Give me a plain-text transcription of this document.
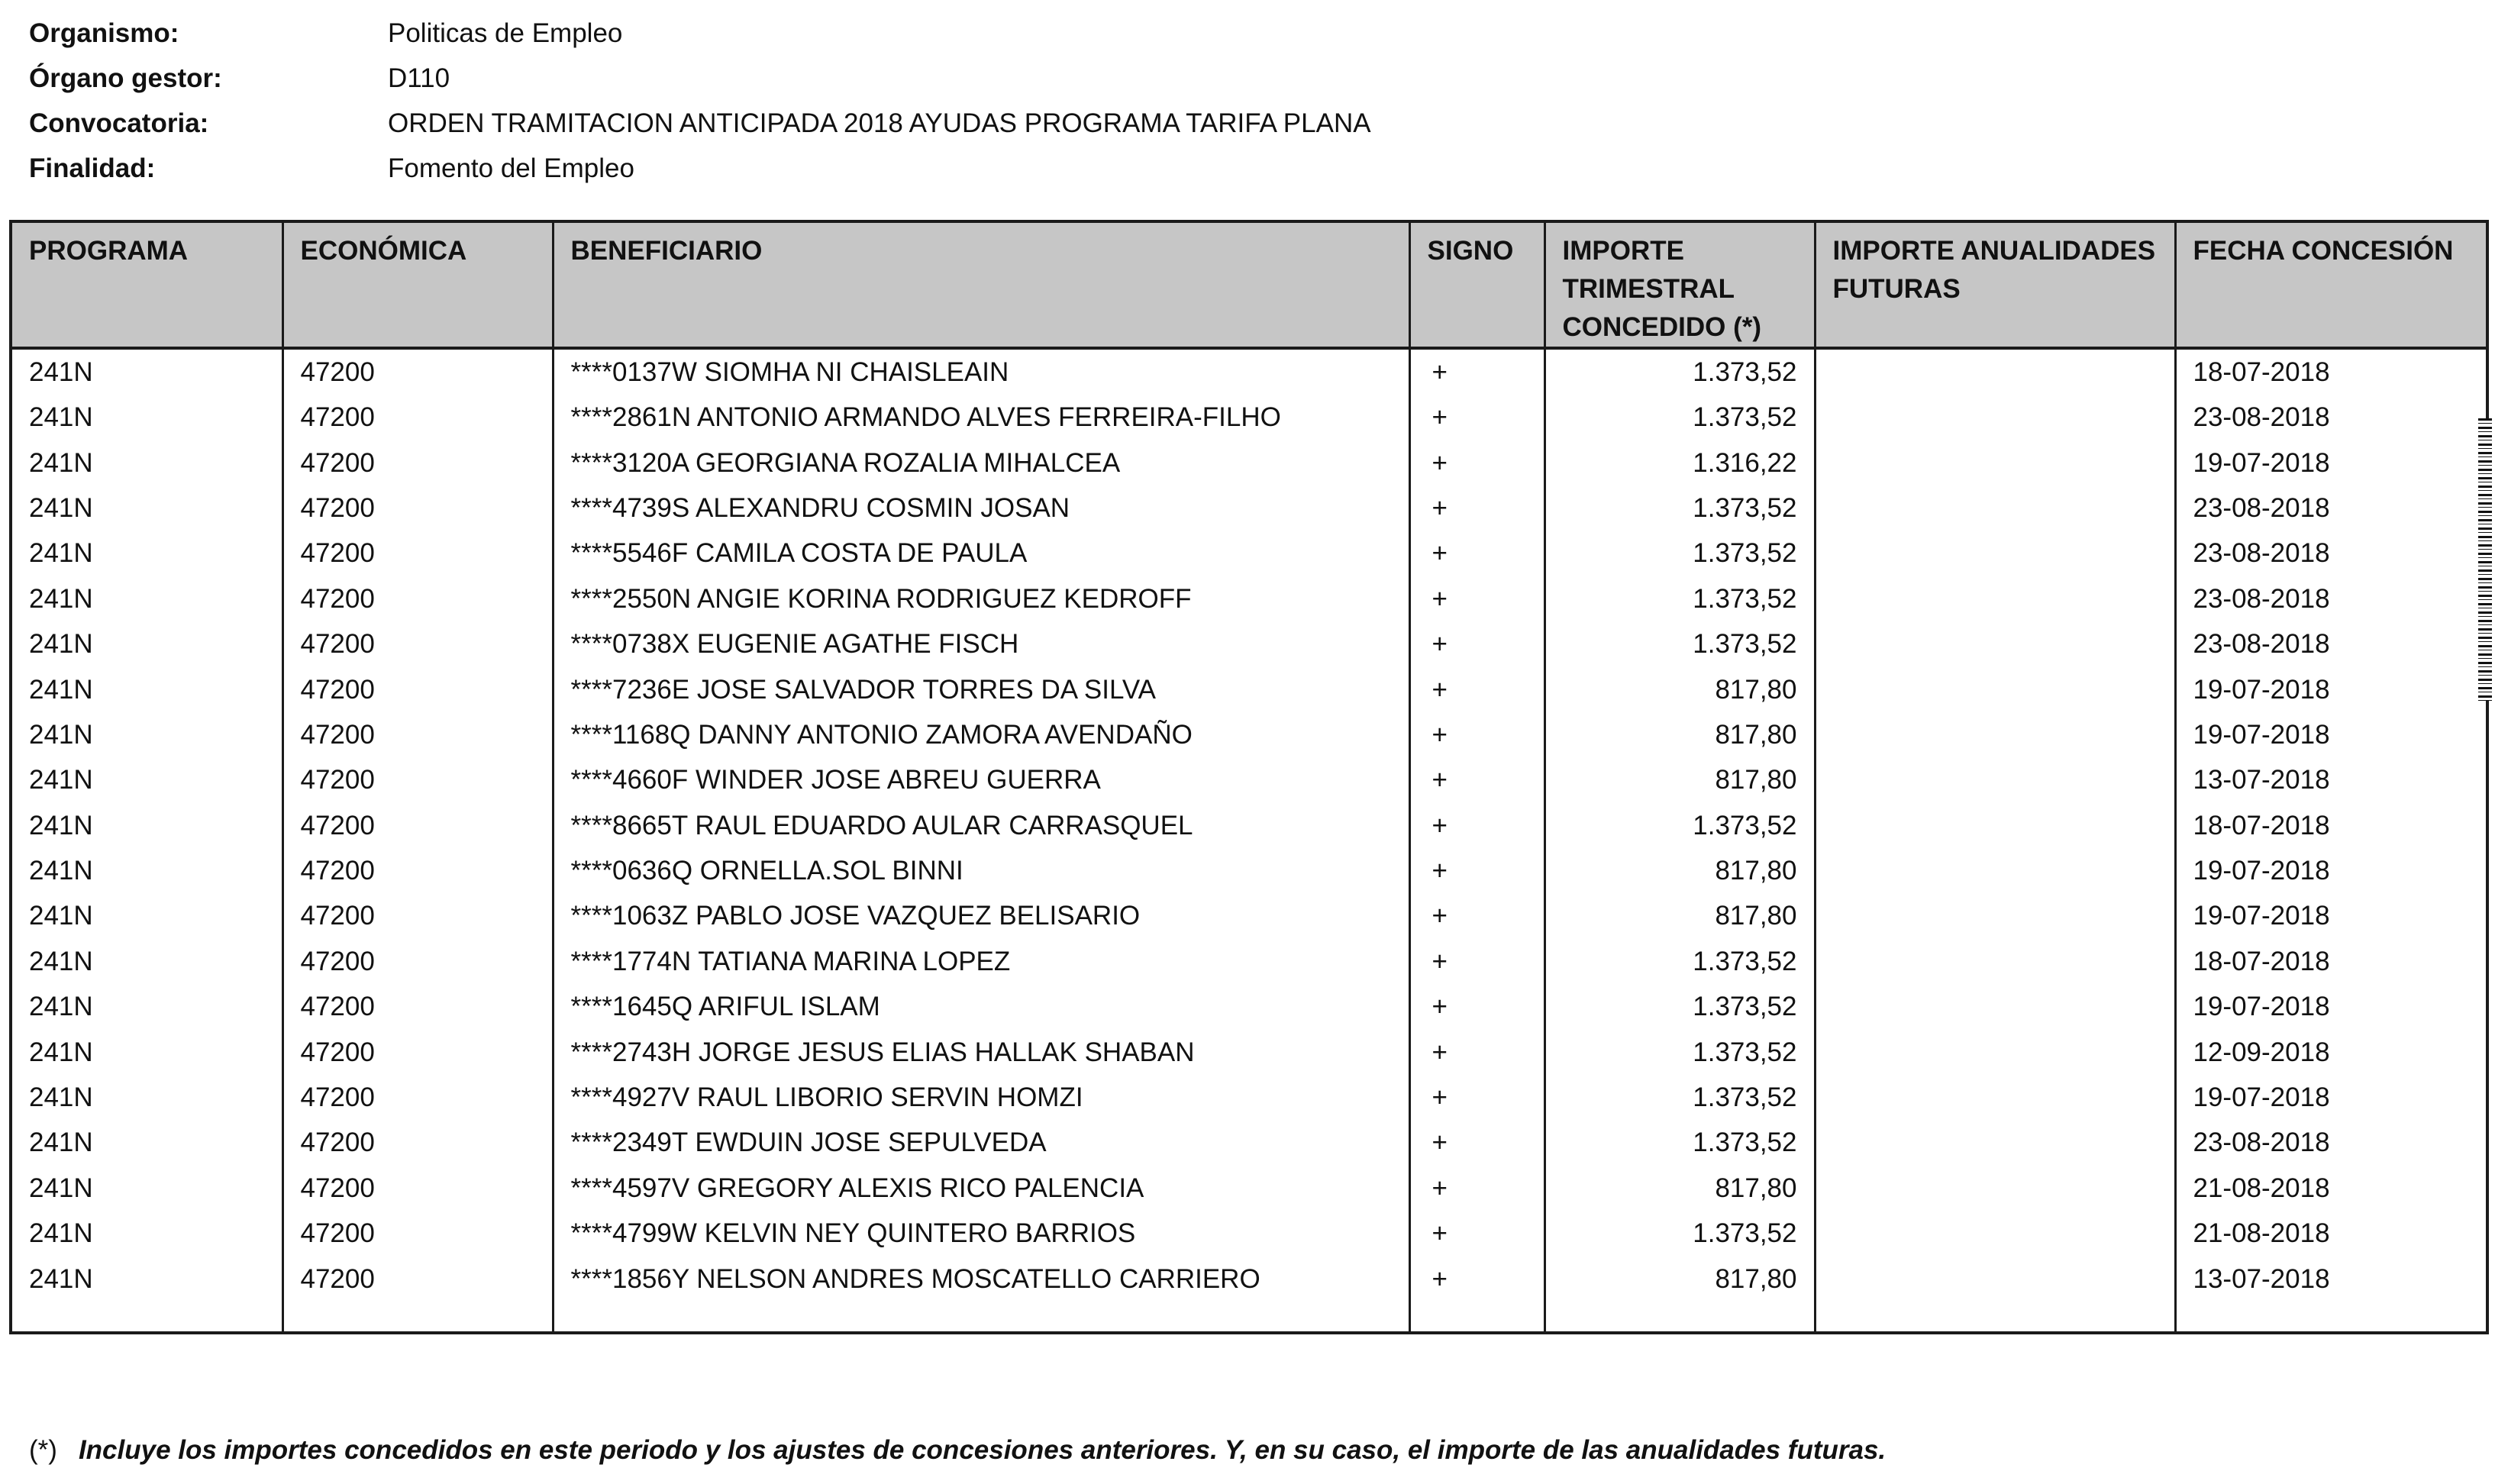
Organismo:	Politicas de Empleo
Órgano gestor:	D110
Convocatoria:	ORDEN TRAMITACION ANTICIPADA 2018 AYUDAS PROGRAMA TARIFA PLANA
Finalidad:	Fomento del Empleo
PROGRAMA	ECONÓMICA	BENEFICIARIO	SIGNO	IMPORTE TRIMESTRAL CONCEDIDO (*)	IMPORTE ANUALIDADES FUTURAS	FECHA CONCESIÓN
241N	47200	****0137W SIOMHA NI CHAISLEAIN	+	1.373,52		18-07-2018
241N	47200	****2861N ANTONIO ARMANDO ALVES FERREIRA-FILHO	+	1.373,52		23-08-2018
241N	47200	****3120A GEORGIANA ROZALIA MIHALCEA	+	1.316,22		19-07-2018
241N	47200	****4739S ALEXANDRU COSMIN JOSAN	+	1.373,52		23-08-2018
241N	47200	****5546F CAMILA COSTA DE PAULA	+	1.373,52		23-08-2018
241N	47200	****2550N ANGIE KORINA RODRIGUEZ KEDROFF	+	1.373,52		23-08-2018
241N	47200	****0738X EUGENIE AGATHE FISCH	+	1.373,52		23-08-2018
241N	47200	****7236E JOSE SALVADOR TORRES DA SILVA	+	817,80		19-07-2018
241N	47200	****1168Q DANNY ANTONIO ZAMORA AVENDAÑO	+	817,80		19-07-2018
241N	47200	****4660F WINDER JOSE ABREU GUERRA	+	817,80		13-07-2018
241N	47200	****8665T RAUL EDUARDO AULAR CARRASQUEL	+	1.373,52		18-07-2018
241N	47200	****0636Q ORNELLA.SOL BINNI	+	817,80		19-07-2018
241N	47200	****1063Z PABLO JOSE VAZQUEZ BELISARIO	+	817,80		19-07-2018
241N	47200	****1774N TATIANA MARINA LOPEZ	+	1.373,52		18-07-2018
241N	47200	****1645Q ARIFUL ISLAM	+	1.373,52		19-07-2018
241N	47200	****2743H JORGE JESUS ELIAS HALLAK SHABAN	+	1.373,52		12-09-2018
241N	47200	****4927V RAUL LIBORIO SERVIN HOMZI	+	1.373,52		19-07-2018
241N	47200	****2349T EWDUIN JOSE SEPULVEDA	+	1.373,52		23-08-2018
241N	47200	****4597V GREGORY ALEXIS RICO PALENCIA	+	817,80		21-08-2018
241N	47200	****4799W KELVIN NEY QUINTERO BARRIOS	+	1.373,52		21-08-2018
241N	47200	****1856Y NELSON ANDRES MOSCATELLO CARRIERO	+	817,80		13-07-2018

(*) Incluye los importes concedidos en este periodo y los ajustes de concesiones anteriores. Y, en su caso, el importe de las anualidades futuras.
